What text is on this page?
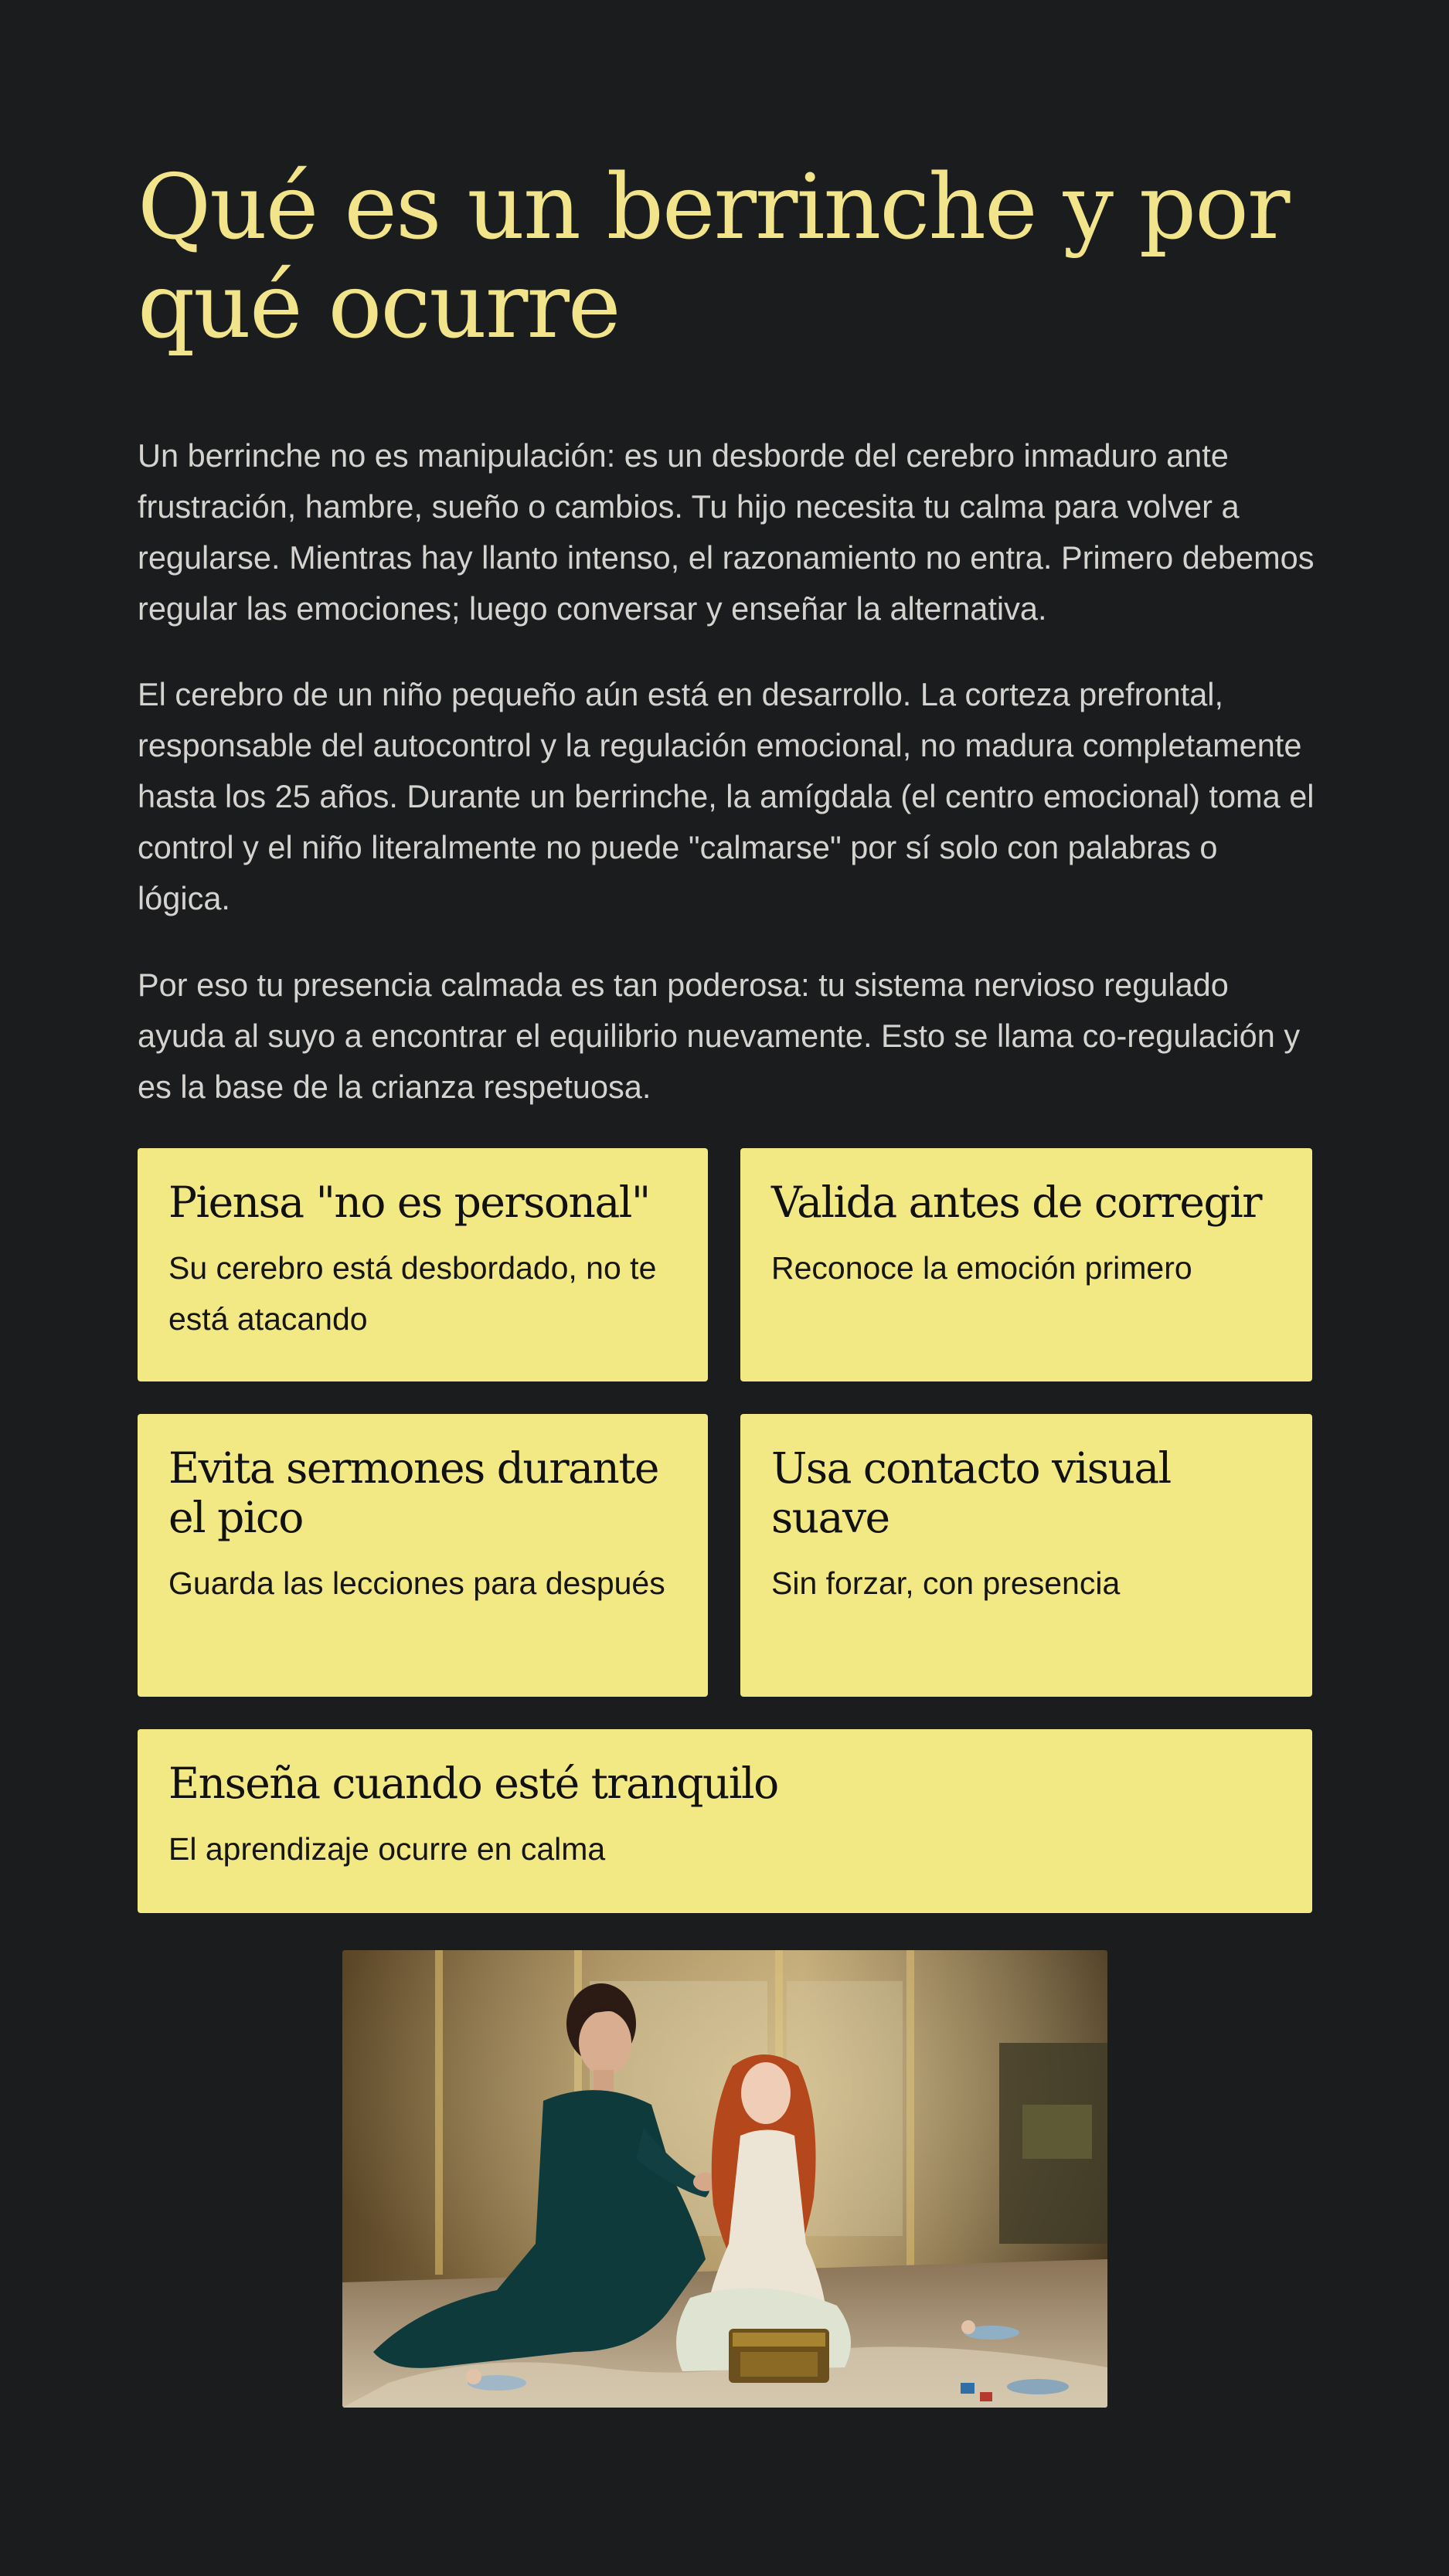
Qué es un berrinche y por qué ocurre

Un berrinche no es manipulación: es un desborde del cerebro inmaduro ante frustración, hambre, sueño o cambios. Tu hijo necesita tu calma para volver a regularse. Mientras hay llanto intenso, el razonamiento no entra. Primero debemos regular las emociones; luego conversar y enseñar la alternativa.

El cerebro de un niño pequeño aún está en desarrollo. La corteza prefrontal, responsable del autocontrol y la regulación emocional, no madura completamente hasta los 25 años. Durante un berrinche, la amígdala (el centro emocional) toma el control y el niño literalmente no puede "calmarse" por sí solo con palabras o lógica.

Por eso tu presencia calmada es tan poderosa: tu sistema nervioso regulado ayuda al suyo a encontrar el equilibrio nuevamente. Esto se llama co-regulación y es la base de la crianza respetuosa.

Piensa "no es personal"
Su cerebro está desbordado, no te está atacando
Valida antes de corregir
Reconoce la emoción primero
Evita sermones durante el pico
Guarda las lecciones para después
Usa contacto visual suave
Sin forzar, con presencia
Enseña cuando esté tranquilo
El aprendizaje ocurre en calma
